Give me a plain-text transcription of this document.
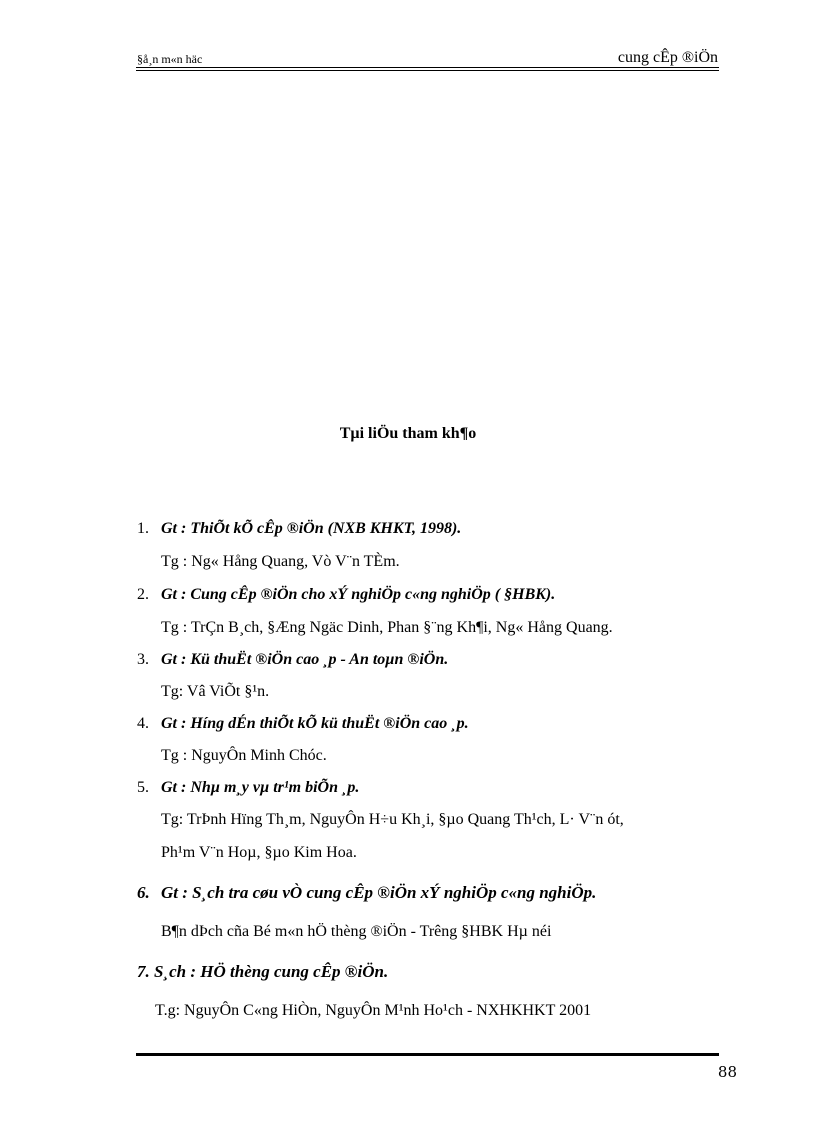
§å¸n m«n häc	cung cÊp ®iÖn
Tµi liÖu tham kh¶o
1. Gt : ThiÕt kÕ cÊp ®iÖn (NXB KHKT, 1998).
Tg : Ng« Hång Quang, Vò V¨n TÈm.
2. Gt : Cung cÊp ®iÖn cho xÝ nghiÖp c«ng nghiÖp ( §HBK).
Tg : TrÇn B¸ch, §Æng Ngäc Dinh, Phan §¨ng Kh¶i, Ng« Hång Quang.
3. Gt : Kü thuËt ®iÖn cao ¸p - An toµn ®iÖn.
Tg: Vâ ViÕt §¹n.
4. Gt : Híng dÉn thiÕt kÕ kü thuËt ®iÖn cao ¸p.
Tg : NguyÔn Minh Chóc.
5. Gt : Nhµ m¸y vµ tr¹m biÕn ¸p.
Tg: TrÞnh Hïng Th¸m, NguyÔn H÷u Kh¸i, §µo Quang Th¹ch, L· V¨n ót,
Ph¹m V¨n Hoµ, §µo Kim Hoa.
6. Gt : S¸ch tra cøu vÒ cung cÊp ®iÖn xÝ nghiÖp c«ng nghiÖp.
B¶n dÞch cña Bé m«n hÖ thèng ®iÖn - Trêng §HBK Hµ néi
7. S¸ch : HÖ thèng cung cÊp ®iÖn.
T.g: NguyÔn C«ng HiÒn, NguyÔn M¹nh Ho¹ch - NXHKHKT 2001
88
